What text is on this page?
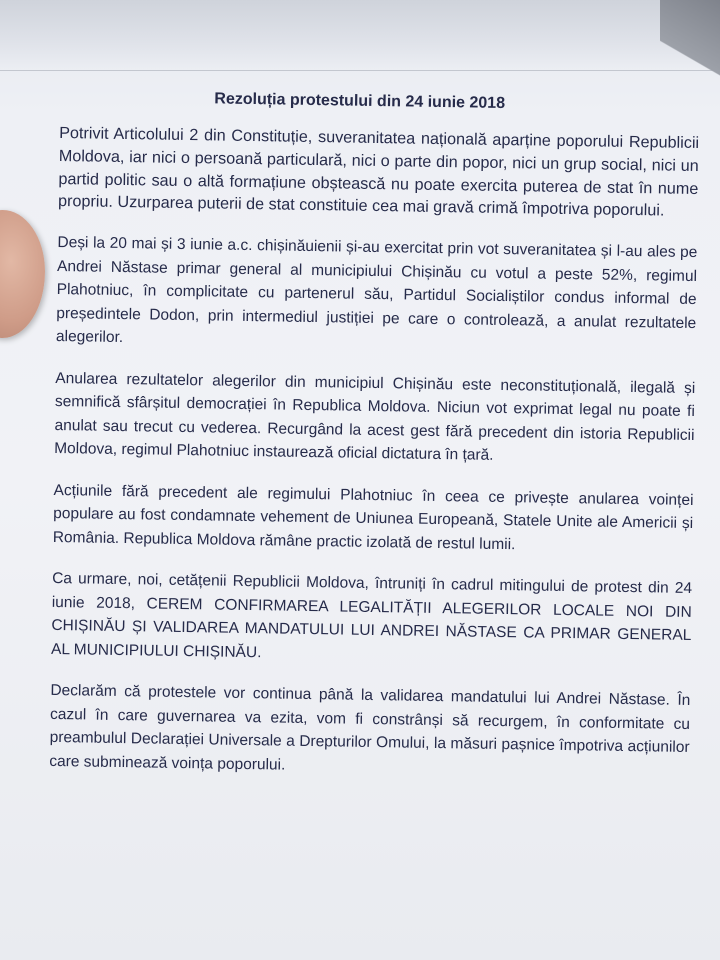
Rezoluția protestului din 24 iunie 2018

Potrivit Articolului 2 din Constituție, suveranitatea națională aparține poporului Republicii Moldova, iar nici o persoană particulară, nici o parte din popor, nici un grup social, nici un partid politic sau o altă formațiune obștească nu poate exercita puterea de stat în nume propriu. Uzurparea puterii de stat constituie cea mai gravă crimă împotriva poporului.

Deși la 20 mai și 3 iunie a.c. chișinăuienii și-au exercitat prin vot suveranitatea și l-au ales pe Andrei Năstase primar general al municipiului Chișinău cu votul a peste 52%, regimul Plahotniuc, în complicitate cu partenerul său, Partidul Socialiștilor condus informal de președintele Dodon, prin intermediul justiției pe care o controlează, a anulat rezultatele alegerilor.

Anularea rezultatelor alegerilor din municipiul Chișinău este neconstituțională, ilegală și semnifică sfârșitul democrației în Republica Moldova. Niciun vot exprimat legal nu poate fi anulat sau trecut cu vederea. Recurgând la acest gest fără precedent din istoria Republicii Moldova, regimul Plahotniuc instaurează oficial dictatura în țară.

Acțiunile fără precedent ale regimului Plahotniuc în ceea ce privește anularea voinței populare au fost condamnate vehement de Uniunea Europeană, Statele Unite ale Americii și România. Republica Moldova rămâne practic izolată de restul lumii.

Ca urmare, noi, cetățenii Republicii Moldova, întruniți în cadrul mitingului de protest din 24 iunie 2018, CEREM CONFIRMAREA LEGALITĂȚII ALEGERILOR LOCALE NOI DIN CHIȘINĂU ȘI VALIDAREA MANDATULUI LUI ANDREI NĂSTASE CA PRIMAR GENERAL AL MUNICIPIULUI CHIȘINĂU.

Declarăm că protestele vor continua până la validarea mandatului lui Andrei Năstase. În cazul în care guvernarea va ezita, vom fi constrânși să recurgem, în conformitate cu preambulul Declarației Universale a Drepturilor Omului, la măsuri pașnice împotriva acțiunilor care subminează voința poporului.
